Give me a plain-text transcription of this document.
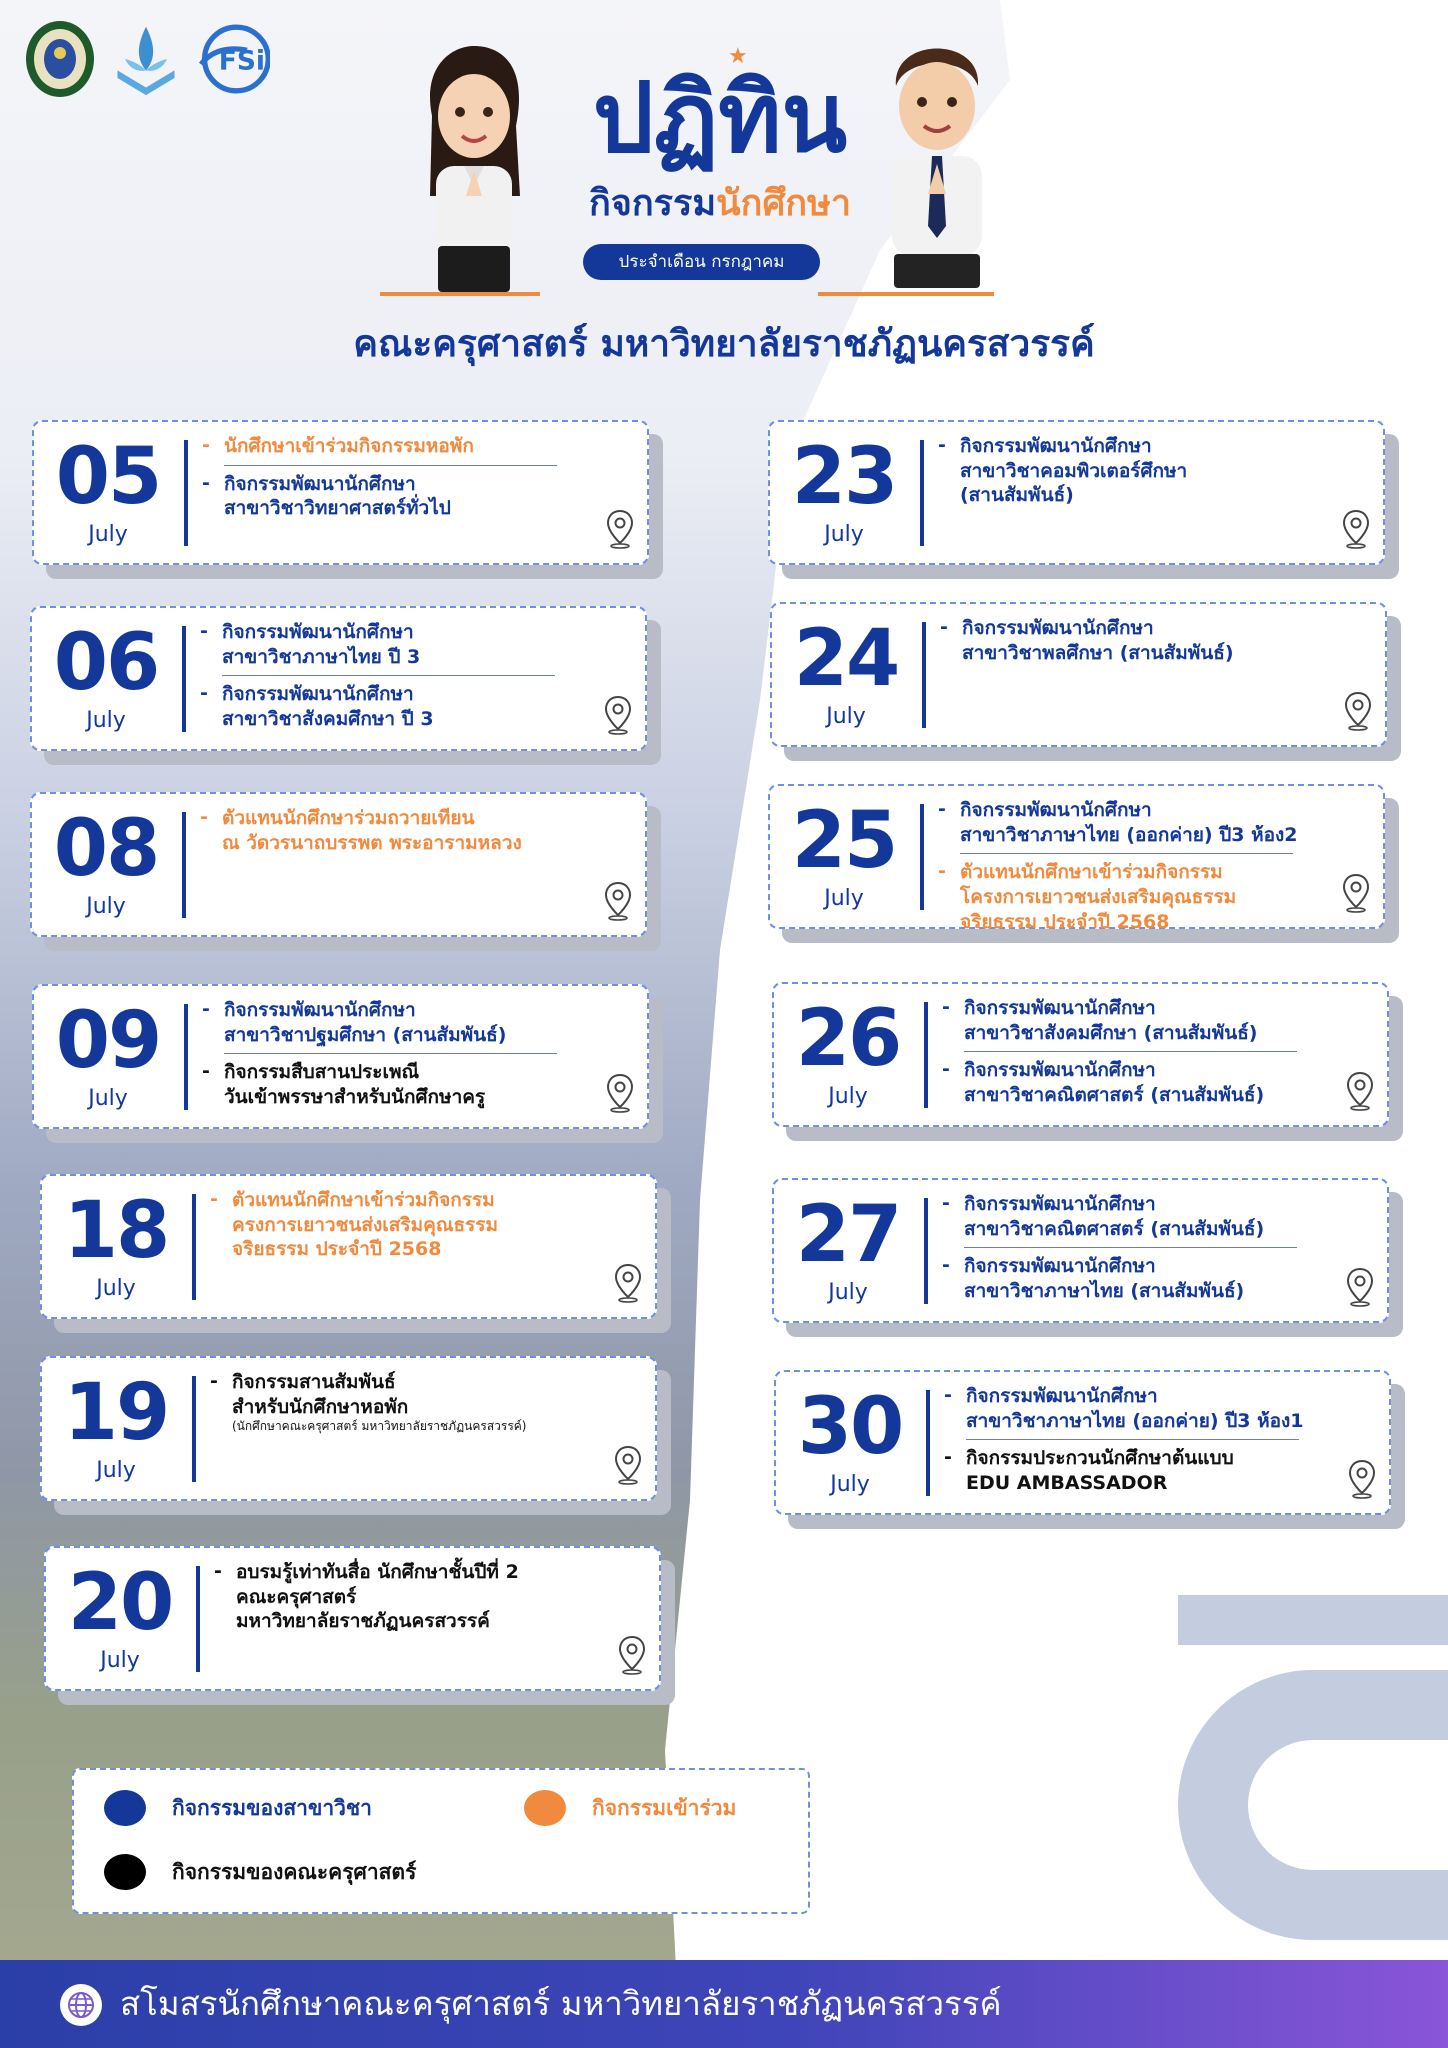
FSi	★
ปฏิทิน
กิจกรรมนักศึกษา
ประจำเดือน กรกฎาคม
คณะครุศาสตร์ มหาวิทยาลัยราชภัฏนครสวรรค์
05
July
- นักศึกษาเข้าร่วมกิจกรรมหอพัก
- กิจกรรมพัฒนานักศึกษา
สาขาวิชาวิทยาศาสตร์ทั่วไป
06
July
- กิจกรรมพัฒนานักศึกษา
สาขาวิชาภาษาไทย ปี 3
- กิจกรรมพัฒนานักศึกษา
สาขาวิชาสังคมศึกษา ปี 3
08
July
- ตัวแทนนักศึกษาร่วมถวายเทียน
ณ วัดวรนาถบรรพต พระอารามหลวง
09
July
- กิจกรรมพัฒนานักศึกษา
สาขาวิชาปฐมศึกษา (สานสัมพันธ์)
- กิจกรรมสืบสานประเพณี
วันเข้าพรรษาสำหรับนักศึกษาครู
18
July
- ตัวแทนนักศึกษาเข้าร่วมกิจกรรม
ครงการเยาวชนส่งเสริมคุณธรรม
จริยธรรม ประจำปี 2568
19
July
- กิจกรรมสานสัมพันธ์
สำหรับนักศึกษาหอพัก
(นักศึกษาคณะครุศาสตร์ มหาวิทยาลัยราชภัฏนครสวรรค์)
20
July
- อบรมรู้เท่าทันสื่อ นักศึกษาชั้นปีที่ 2
คณะครุศาสตร์
มหาวิทยาลัยราชภัฏนครสวรรค์
23
July
- กิจกรรมพัฒนานักศึกษา
สาขาวิชาคอมพิวเตอร์ศึกษา
(สานสัมพันธ์)
24
July
- กิจกรรมพัฒนานักศึกษา
สาขาวิชาพลศึกษา (สานสัมพันธ์)
25
July
- กิจกรรมพัฒนานักศึกษา
สาขาวิชาภาษาไทย (ออกค่าย) ปี3 ห้อง2
- ตัวแทนนักศึกษาเข้าร่วมกิจกรรม
โครงการเยาวชนส่งเสริมคุณธรรม
จริยธรรม ประจำปี 2568
26
July
- กิจกรรมพัฒนานักศึกษา
สาขาวิชาสังคมศึกษา (สานสัมพันธ์)
- กิจกรรมพัฒนานักศึกษา
สาขาวิชาคณิตศาสตร์ (สานสัมพันธ์)
27
July
- กิจกรรมพัฒนานักศึกษา
สาขาวิชาคณิตศาสตร์ (สานสัมพันธ์)
- กิจกรรมพัฒนานักศึกษา
สาขาวิชาภาษาไทย (สานสัมพันธ์)
30
July
- กิจกรรมพัฒนานักศึกษา
สาขาวิชาภาษาไทย (ออกค่าย) ปี3 ห้อง1
- กิจกรรมประกวนนักศึกษาต้นแบบ
EDU AMBASSADOR
กิจกรรมของสาขาวิชา	กิจกรรมเข้าร่วม
กิจกรรมของคณะครุศาสตร์
สโมสรนักศึกษาคณะครุศาสตร์ มหาวิทยาลัยราชภัฏนครสวรรค์
